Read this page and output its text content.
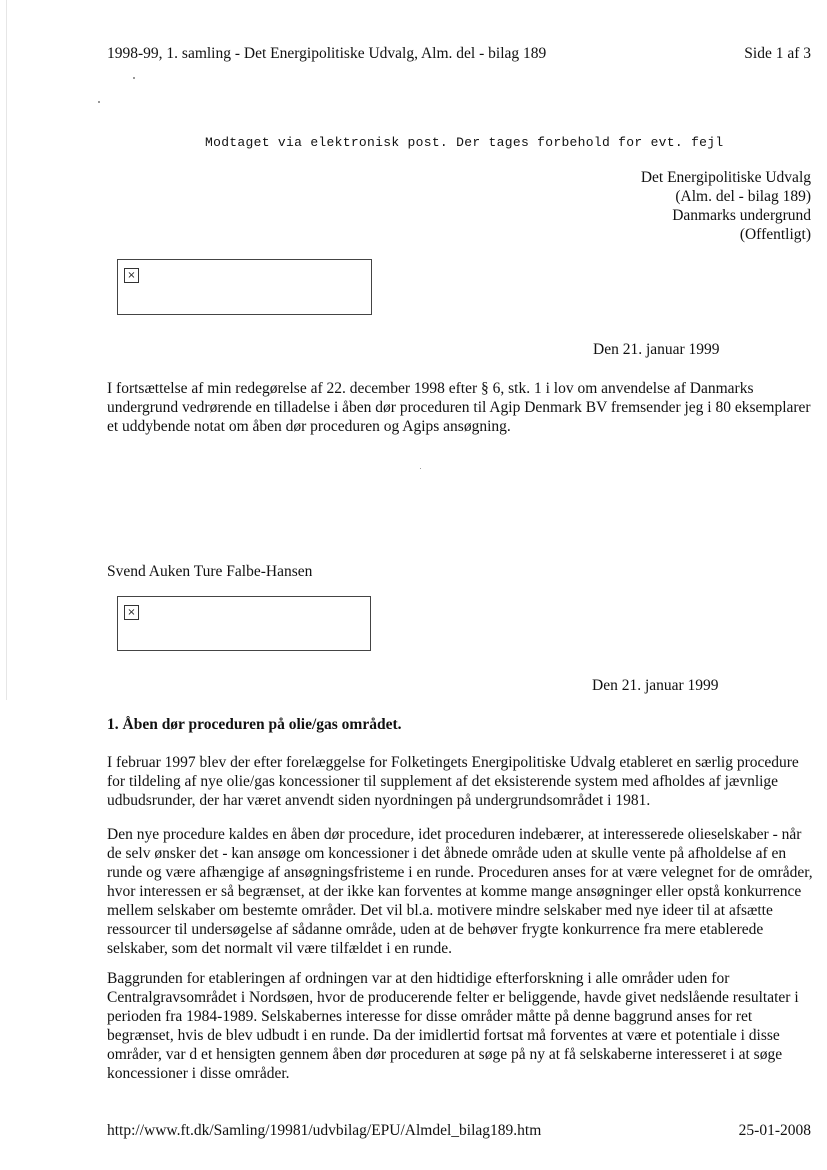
1998-99, 1. samling - Det Energipolitiske Udvalg, Alm. del - bilag 189	Side 1 af 3
Modtaget via elektronisk post. Der tages forbehold for evt. fejl
Det Energipolitiske Udvalg
(Alm. del - bilag 189)
Danmarks undergrund
(Offentligt)
×
Den 21. januar 1999

I fortsættelse af min redegørelse af 22. december 1998 efter § 6, stk. 1 i lov om anvendelse af Danmarks undergrund vedrørende en tilladelse i åben dør proceduren til Agip Denmark BV fremsender jeg i 80 eksemplarer et uddybende notat om åben dør proceduren og Agips ansøgning.

Svend Auken Ture Falbe-Hansen
×
Den 21. januar 1999
1. Åben dør proceduren på olie/gas området.

I februar 1997 blev der efter forelæggelse for Folketingets Energipolitiske Udvalg etableret en særlig procedure for tildeling af nye olie/gas koncessioner til supplement af det eksisterende system med afholdes af jævnlige udbudsrunder, der har været anvendt siden nyordningen på undergrundsområdet i 1981.

Den nye procedure kaldes en åben dør procedure, idet proceduren indebærer, at interesserede olieselskaber - når de selv ønsker det - kan ansøge om koncessioner i det åbnede område uden at skulle vente på afholdelse af en runde og være afhængige af ansøgningsfristeme i en runde. Proceduren anses for at være velegnet for de områder, hvor interessen er så begrænset, at der ikke kan forventes at komme mange ansøgninger eller opstå konkurrence mellem selskaber om bestemte områder. Det vil bl.a. motivere mindre selskaber med nye ideer til at afsætte ressourcer til undersøgelse af sådanne område, uden at de behøver frygte konkurrence fra mere etablerede selskaber, som det normalt vil være tilfældet i en runde.

Baggrunden for etableringen af ordningen var at den hidtidige efterforskning i alle områder uden for Centralgravsområdet i Nordsøen, hvor de producerende felter er beliggende, havde givet nedslående resultater i perioden fra 1984-1989. Selskabernes interesse for disse områder måtte på denne baggrund anses for ret begrænset, hvis de blev udbudt i en runde. Da der imidlertid fortsat må forventes at være et potentiale i disse områder, var d et hensigten gennem åben dør proceduren at søge på ny at få selskaberne interesseret i at søge koncessioner i disse områder.

http://www.ft.dk/Samling/19981/udvbilag/EPU/Almdel_bilag189.htm	25-01-2008
